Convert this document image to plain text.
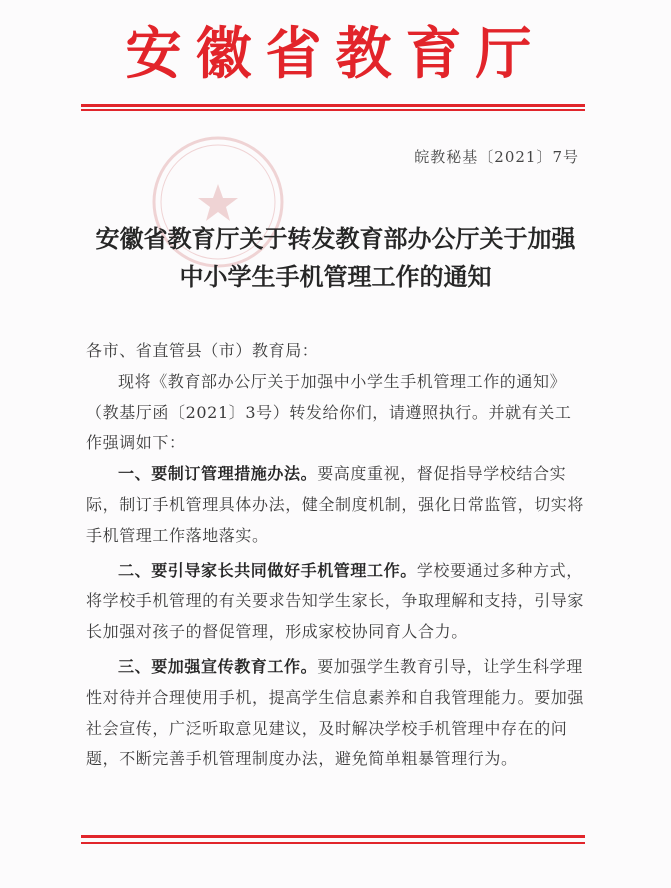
安徽省教育厅
皖教秘基〔2021〕7号
安徽省教育厅关于转发教育部办公厅关于加强
中小学生手机管理工作的通知

各市、省直管县（市）教育局：

现将《教育部办公厅关于加强中小学生手机管理工作的通知》（教基厅函〔2021〕3号）转发给你们，请遵照执行。并就有关工作强调如下：

一、要制订管理措施办法。要高度重视，督促指导学校结合实际，制订手机管理具体办法，健全制度机制，强化日常监管，切实将手机管理工作落地落实。

二、要引导家长共同做好手机管理工作。学校要通过多种方式，将学校手机管理的有关要求告知学生家长，争取理解和支持，引导家长加强对孩子的督促管理，形成家校协同育人合力。

三、要加强宣传教育工作。要加强学生教育引导，让学生科学理性对待并合理使用手机，提高学生信息素养和自我管理能力。要加强社会宣传，广泛听取意见建议，及时解决学校手机管理中存在的问题，不断完善手机管理制度办法，避免简单粗暴管理行为。
